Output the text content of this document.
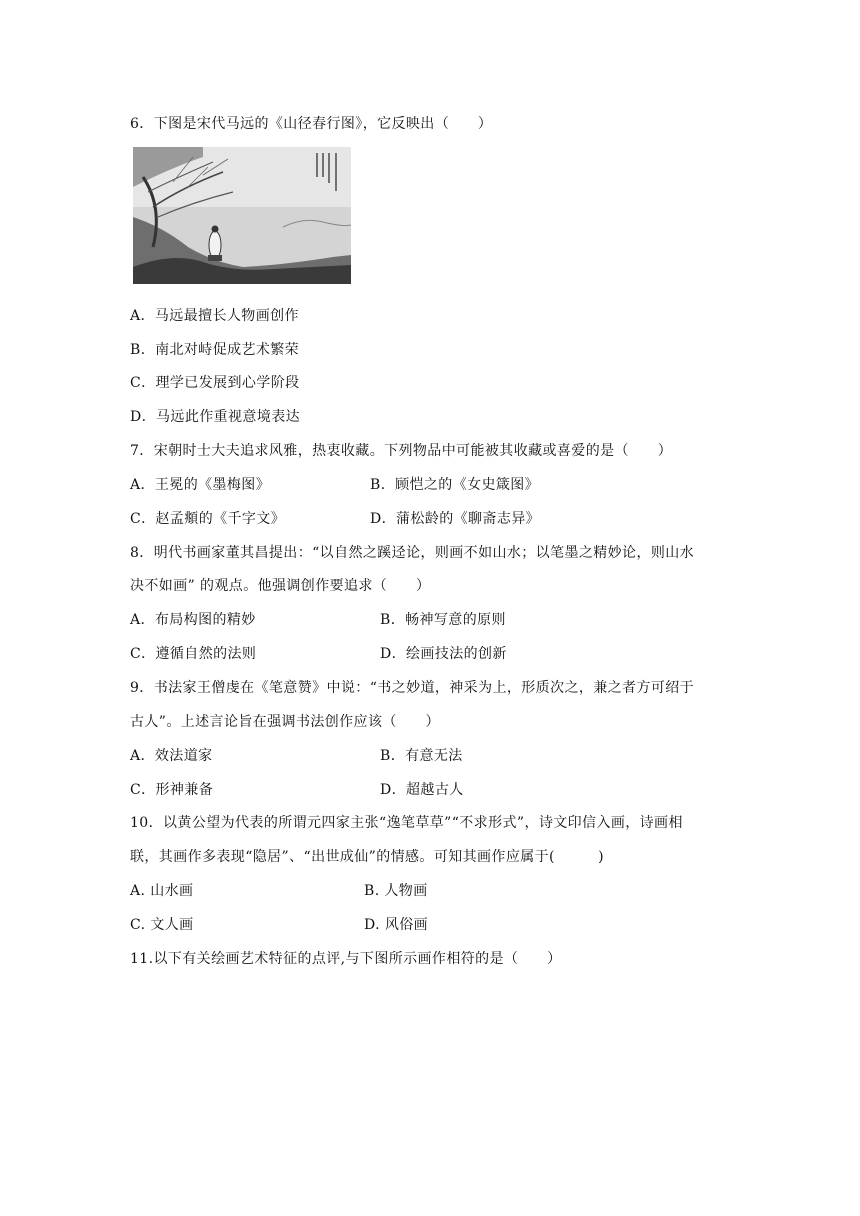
6．下图是宋代马远的《山径春行图》，它反映出（　　）
A．马远最擅长人物画创作
B．南北对峙促成艺术繁荣
C．理学已发展到心学阶段
D．马远此作重视意境表达
7．宋朝时士大夫追求风雅，热衷收藏。下列物品中可能被其收藏或喜爱的是（　　）
A．王冕的《墨梅图》	B．顾恺之的《女史箴图》
C．赵孟頫的《千字文》	D．蒲松龄的《聊斋志异》
8．明代书画家董其昌提出：“以自然之蹊迳论，则画不如山水；以笔墨之精妙论，则山水
决不如画” 的观点。他强调创作要追求（　　）
A．布局构图的精妙	B．畅神写意的原则
C．遵循自然的法则	D．绘画技法的创新
9．书法家王僧虔在《笔意赞》中说：“书之妙道，神采为上，形质次之，兼之者方可绍于
古人”。上述言论旨在强调书法创作应该（　　）
A．效法道家	B．有意无法
C．形神兼备	D．超越古人
10．以黄公望为代表的所谓元四家主张“逸笔草草”“不求形式”，诗文印信入画，诗画相
联，其画作多表现“隐居”、“出世成仙”的情感。可知其画作应属于(　　　)
A. 山水画	B. 人物画
C. 文人画	D. 风俗画
11.以下有关绘画艺术特征的点评,与下图所示画作相符的是（　　）
